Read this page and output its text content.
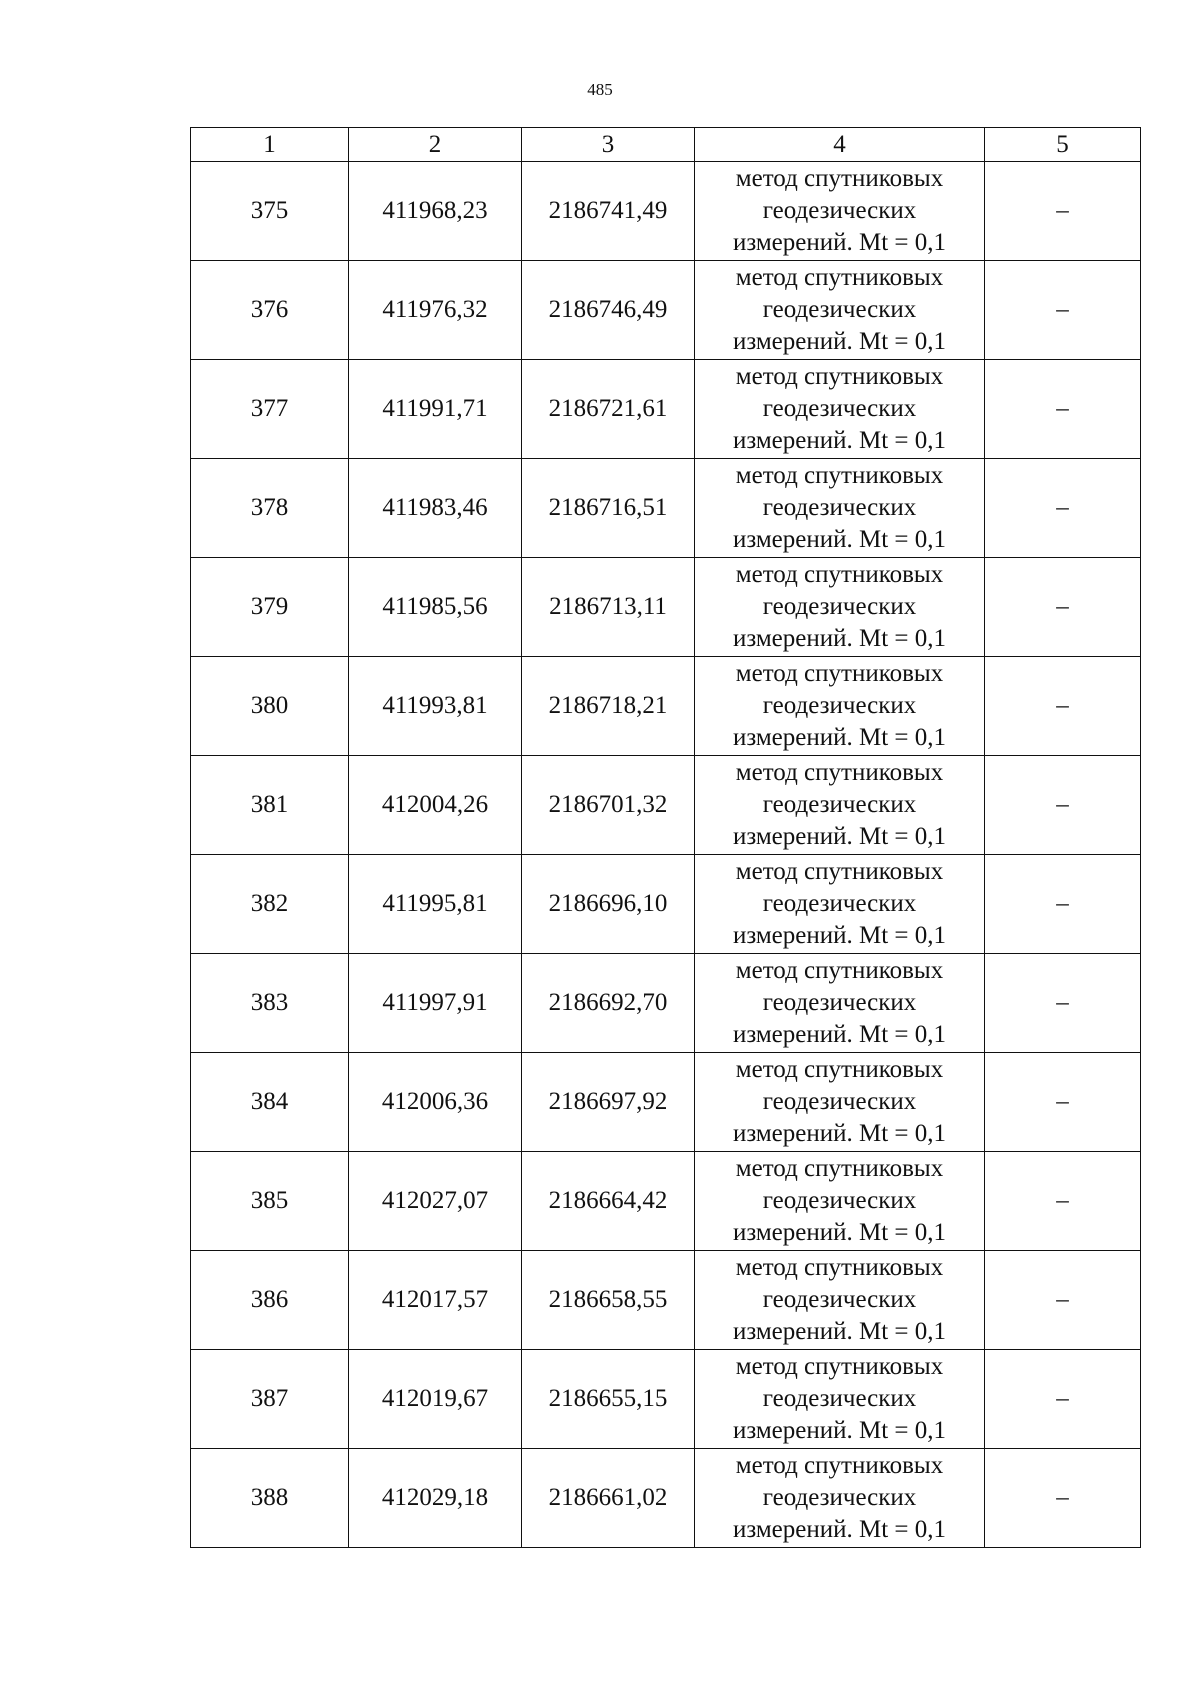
485
1	2	3	4	5
375	411968,23	2186741,49	метод спутниковых
геодезических
измерений. Mt = 0,1	–
376	411976,32	2186746,49	метод спутниковых
геодезических
измерений. Mt = 0,1	–
377	411991,71	2186721,61	метод спутниковых
геодезических
измерений. Mt = 0,1	–
378	411983,46	2186716,51	метод спутниковых
геодезических
измерений. Mt = 0,1	–
379	411985,56	2186713,11	метод спутниковых
геодезических
измерений. Mt = 0,1	–
380	411993,81	2186718,21	метод спутниковых
геодезических
измерений. Mt = 0,1	–
381	412004,26	2186701,32	метод спутниковых
геодезических
измерений. Mt = 0,1	–
382	411995,81	2186696,10	метод спутниковых
геодезических
измерений. Mt = 0,1	–
383	411997,91	2186692,70	метод спутниковых
геодезических
измерений. Mt = 0,1	–
384	412006,36	2186697,92	метод спутниковых
геодезических
измерений. Mt = 0,1	–
385	412027,07	2186664,42	метод спутниковых
геодезических
измерений. Mt = 0,1	–
386	412017,57	2186658,55	метод спутниковых
геодезических
измерений. Mt = 0,1	–
387	412019,67	2186655,15	метод спутниковых
геодезических
измерений. Mt = 0,1	–
388	412029,18	2186661,02	метод спутниковых
геодезических
измерений. Mt = 0,1	–
